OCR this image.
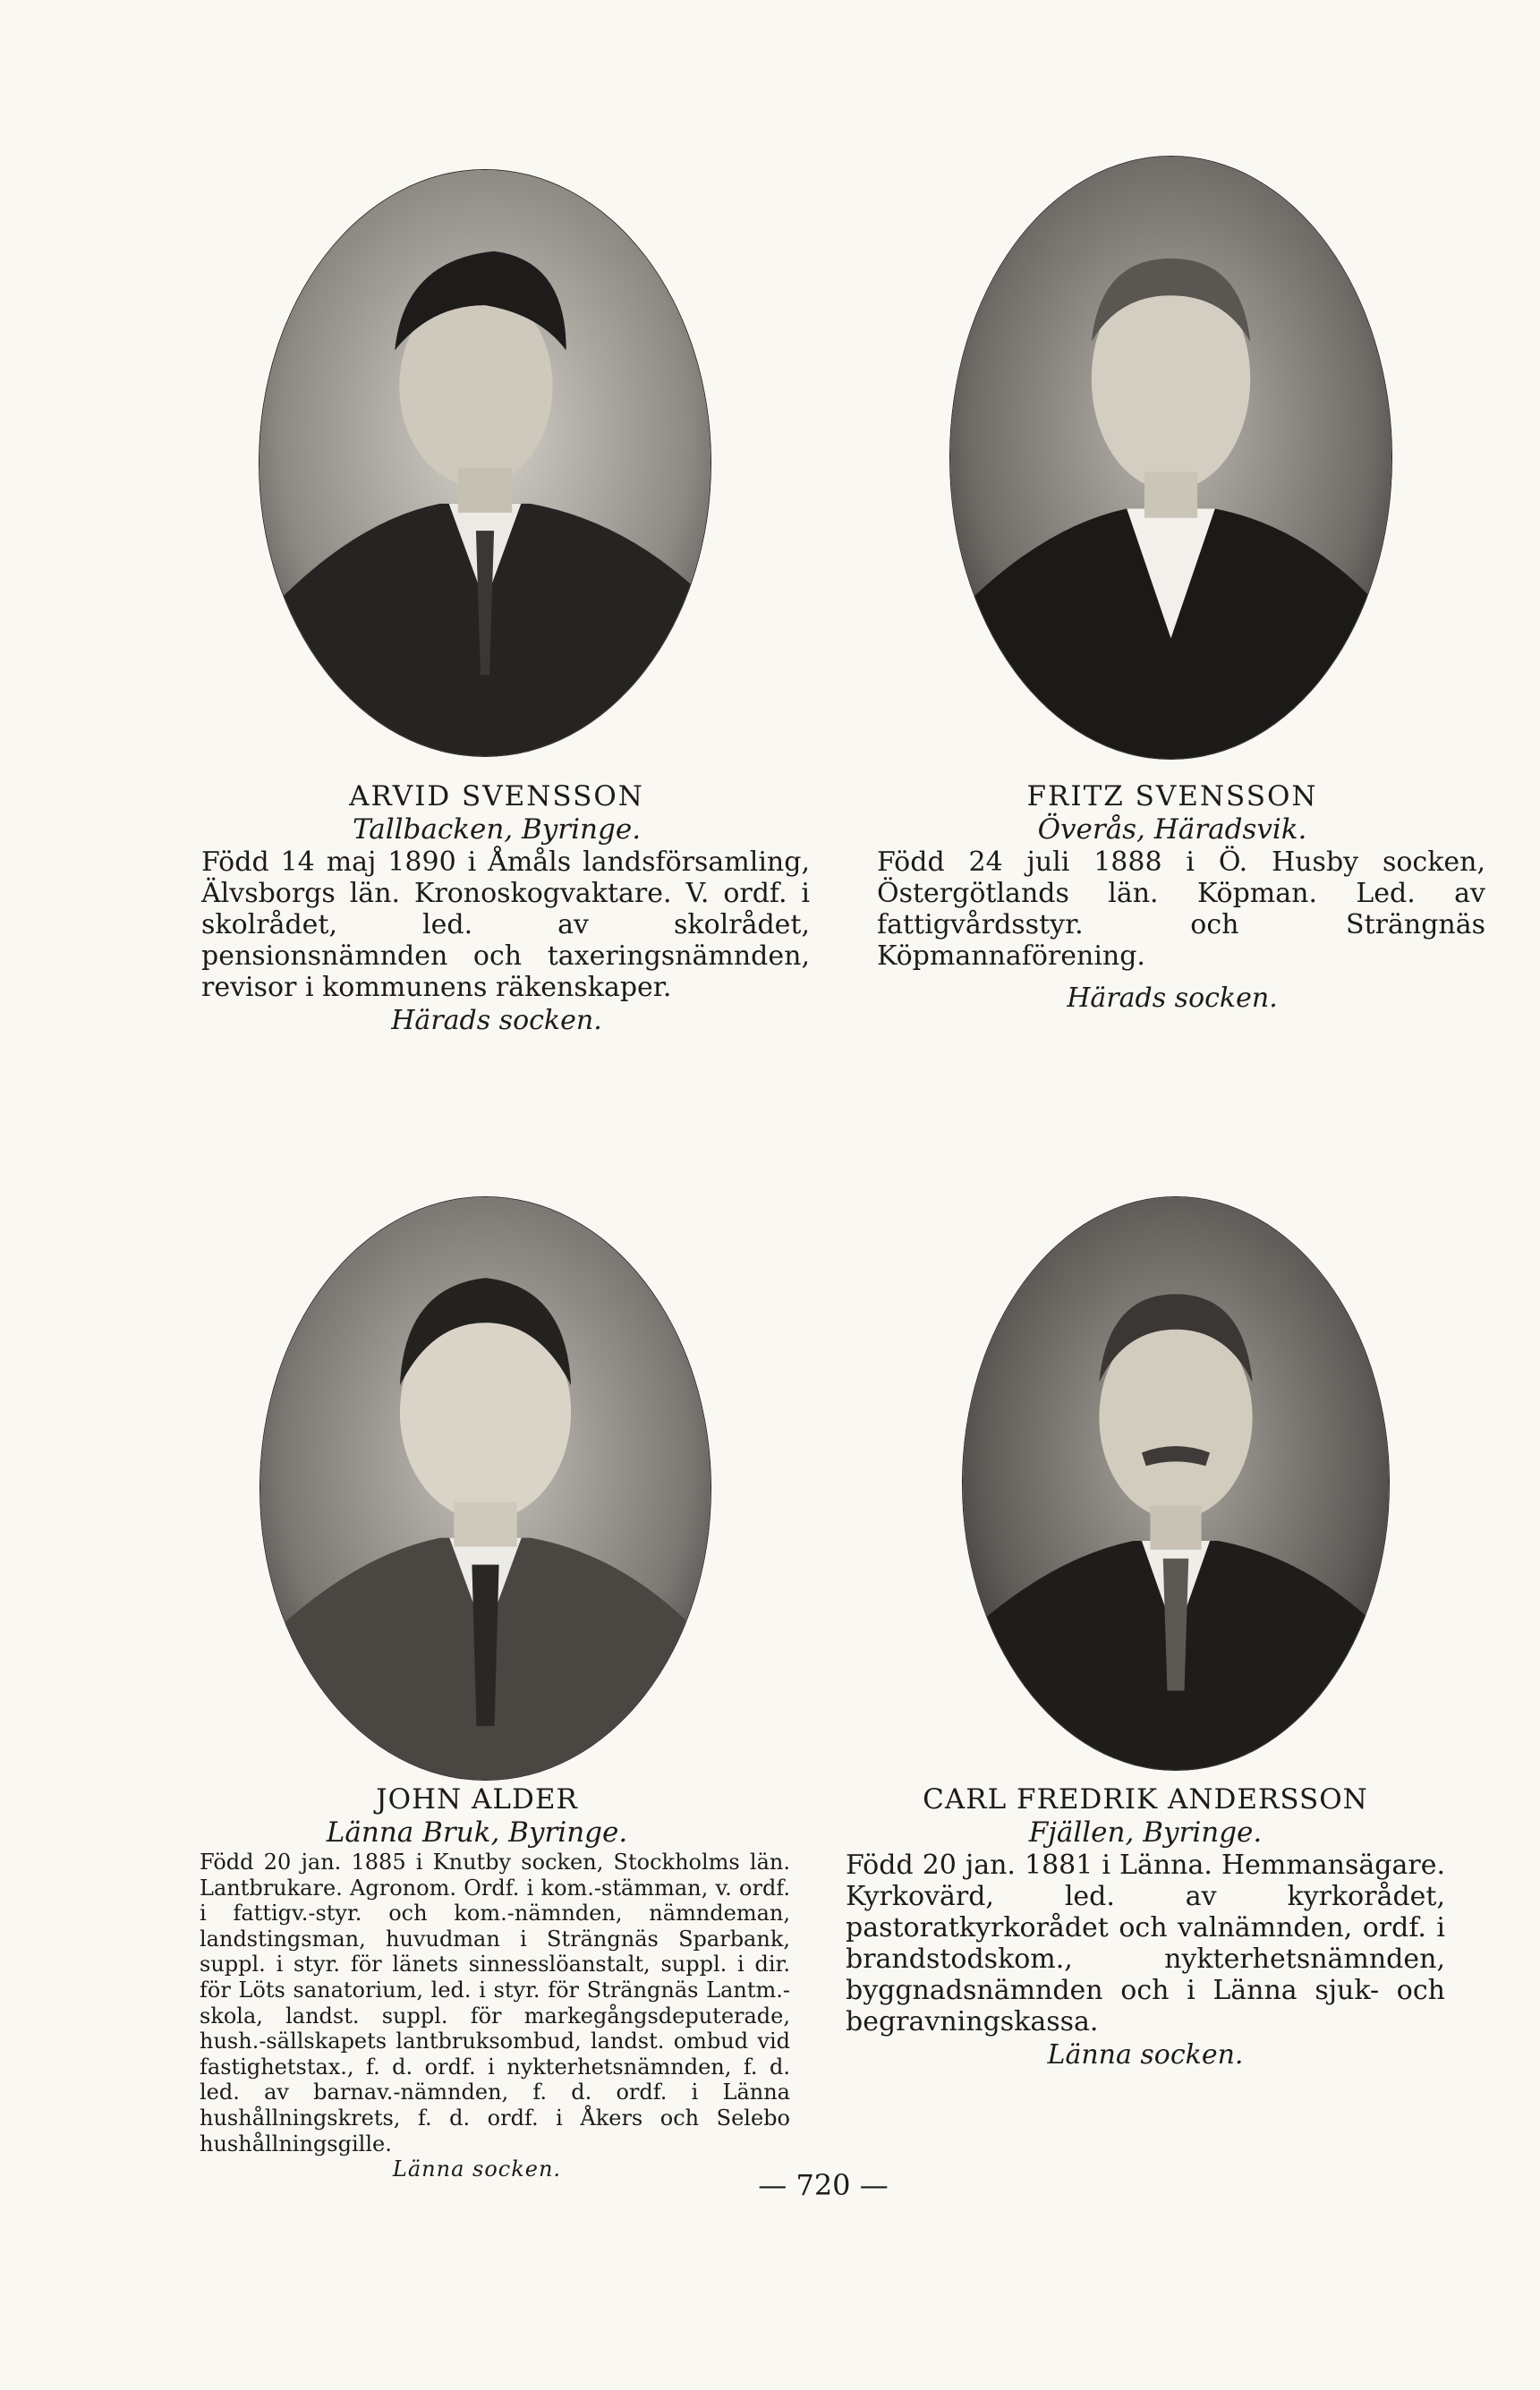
ARVID SVENSSON
Tallbacken, Byringe.
Född 14 maj 1890 i Åmåls landsförsamling, Älvsborgs län. Kronoskogvaktare. V. ordf. i skolrådet, led. av skolrådet, pensionsnämnden och taxeringsnämnden, revisor i kommunens räkenskaper.
Härads socken.
FRITZ SVENSSON
Överås, Häradsvik.
Född 24 juli 1888 i Ö. Husby socken, Östergötlands län. Köpman. Led. av fattigvårdsstyr. och Strängnäs Köpmannaförening.
Härads socken.
JOHN ALDER
Länna Bruk, Byringe.
Född 20 jan. 1885 i Knutby socken, Stockholms län. Lantbrukare. Agronom. Ordf. i kom.-stämman, v. ordf. i fattigv.-styr. och kom.-nämnden, nämndeman, landstingsman, huvudman i Strängnäs Sparbank, suppl. i styr. för länets sinnesslöanstalt, suppl. i dir. för Löts sanatorium, led. i styr. för Strängnäs Lantm.-skola, landst. suppl. för markegångsdeputerade, hush.-sällskapets lantbruksombud, landst. ombud vid fastighetstax., f. d. ordf. i nykterhetsnämnden, f. d. led. av barnav.-nämnden, f. d. ordf. i Länna hushållningskrets, f. d. ordf. i Åkers och Selebo hushållningsgille.
Länna socken.
CARL FREDRIK ANDERSSON
Fjällen, Byringe.
Född 20 jan. 1881 i Länna. Hemmansägare. Kyrkovärd, led. av kyrkorådet, pastoratkyrkorådet och valnämnden, ordf. i brandstodskom., nykterhetsnämnden, byggnadsnämnden och i Länna sjuk- och begravningskassa.
Länna socken.
— 720 —
